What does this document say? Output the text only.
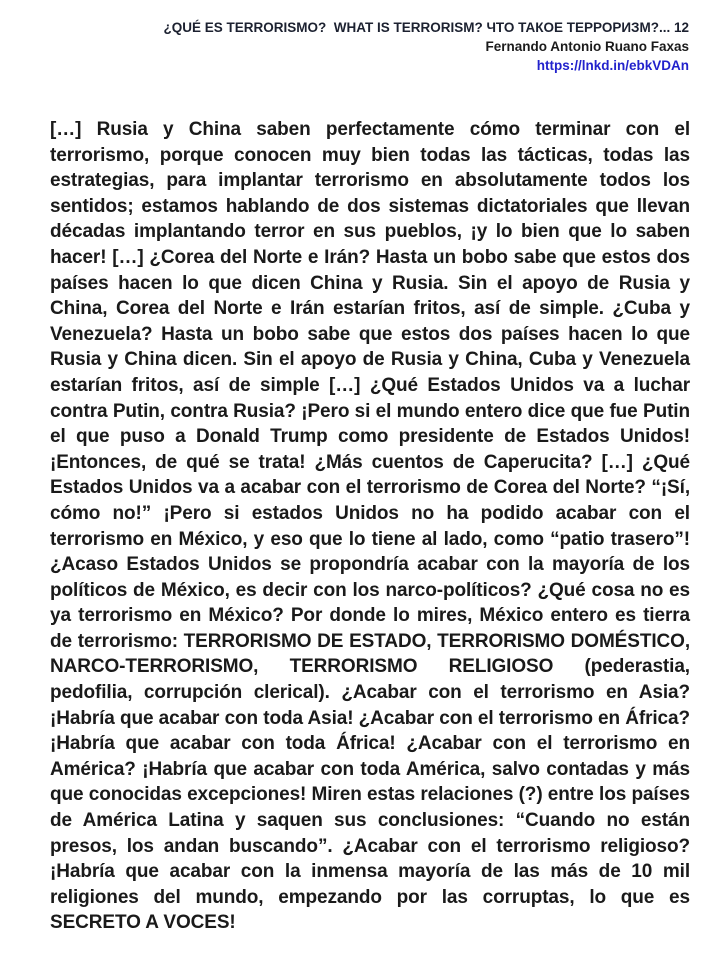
¿QUÉ ES TERRORISMO?  WHAT IS TERRORISM? ЧТО ТАКОЕ ТЕРРОРИЗМ?... 12
Fernando Antonio Ruano Faxas
https://lnkd.in/ebkVDAn

[…] Rusia y China saben perfectamente cómo terminar con el terrorismo, porque conocen muy bien todas las tácticas, todas las estrategias, para implantar terrorismo en absolutamente todos los sentidos; estamos hablando de dos sistemas dictatoriales que llevan décadas implantando terror en sus pueblos, ¡y lo bien que lo saben hacer! […] ¿Corea del Norte e Irán? Hasta un bobo sabe que estos dos países hacen lo que dicen China y Rusia. Sin el apoyo de Rusia y China, Corea del Norte e Irán estarían fritos, así de simple. ¿Cuba y Venezuela? Hasta un bobo sabe que estos dos países hacen lo que Rusia y China dicen. Sin el apoyo de Rusia y China, Cuba y Venezuela estarían fritos, así de simple […] ¿Qué Estados Unidos va a luchar contra Putin, contra Rusia? ¡Pero si el mundo entero dice que fue Putin el que puso a Donald Trump como presidente de Estados Unidos! ¡Entonces, de qué se trata! ¿Más cuentos de Caperucita? […] ¿Qué Estados Unidos va a acabar con el terrorismo de Corea del Norte? “¡Sí, cómo no!” ¡Pero si estados Unidos no ha podido acabar con el terrorismo en México, y eso que lo tiene al lado, como “patio trasero”! ¿Acaso Estados Unidos se propondría acabar con la mayoría de los políticos de México, es decir con los narco-políticos? ¿Qué cosa no es ya terrorismo en México? Por donde lo mires, México entero es tierra de terrorismo: TERRORISMO DE ESTADO, TERRORISMO DOMÉSTICO, NARCO-TERRORISMO, TERRORISMO RELIGIOSO (pederastia, pedofilia, corrupción clerical). ¿Acabar con el terrorismo en Asia? ¡Habría que acabar con toda Asia! ¿Acabar con el terrorismo en África? ¡Habría que acabar con toda África! ¿Acabar con el terrorismo en América? ¡Habría que acabar con toda América, salvo contadas y más que conocidas excepciones! Miren estas relaciones (?) entre los países de América Latina y saquen sus conclusiones: “Cuando no están presos, los andan buscando”. ¿Acabar con el terrorismo religioso? ¡Habría que acabar con la inmensa mayoría de las más de 10 mil religiones del mundo, empezando por las corruptas, lo que es SECRETO A VOCES!
